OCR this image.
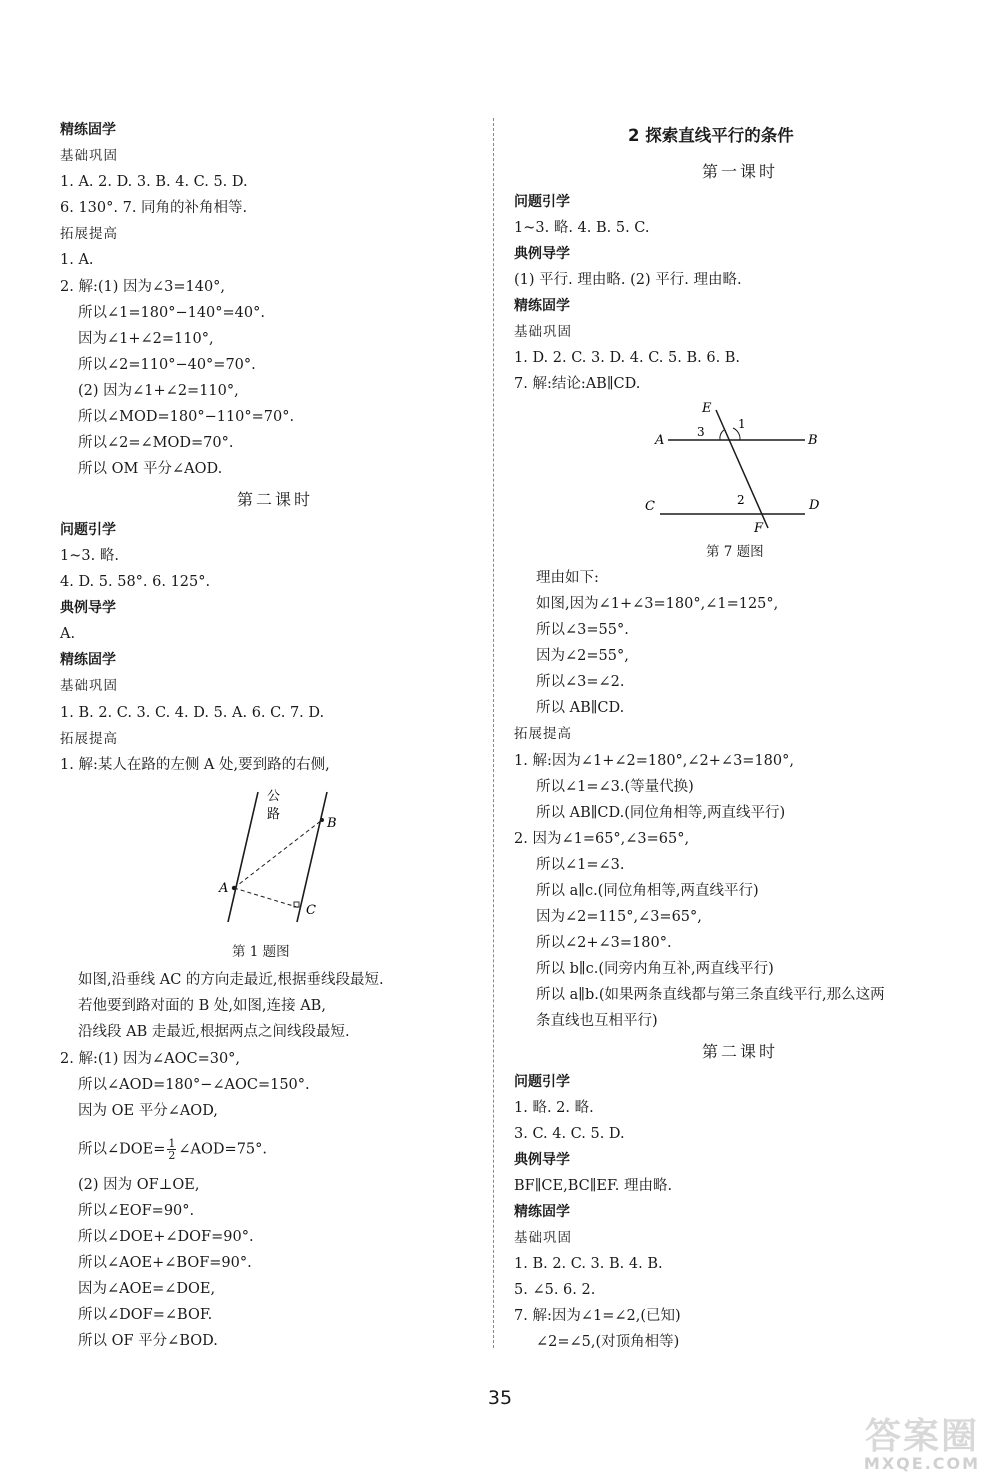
精练固学
基础巩固
1. A. 2. D. 3. B. 4. C. 5. D.
6. 130°. 7. 同角的补角相等.
拓展提高
1. A.
2. 解:(1) 因为∠3=140°,
所以∠1=180°−140°=40°.
因为∠1+∠2=110°,
所以∠2=110°−40°=70°.
(2) 因为∠1+∠2=110°,
所以∠MOD=180°−110°=70°.
所以∠2=∠MOD=70°.
所以 OM 平分∠AOD.
第二课时
问题引学
1~3. 略.
4. D. 5. 58°. 6. 125°.
典例导学
A.
精练固学
基础巩固
1. B. 2. C. 3. C. 4. D. 5. A. 6. C. 7. D.
拓展提高
1. 解:某人在路的左侧 A 处,要到路的右侧,
公
路
A
B
C
第 1 题图
如图,沿垂线 AC 的方向走最近,根据垂线段最短.
若他要到路对面的 B 处,如图,连接 AB,
沿线段 AB 走最近,根据两点之间线段最短.
2. 解:(1) 因为∠AOC=30°,
所以∠AOD=180°−∠AOC=150°.
因为 OE 平分∠AOD,
所以∠DOE= $\frac{1}{2}$ ∠AOD=75°.
(2) 因为 OF⊥OE,
所以∠EOF=90°.
所以∠DOE+∠DOF=90°.
所以∠AOE+∠BOF=90°.
因为∠AOE=∠DOE,
所以∠DOF=∠BOF.
所以 OF 平分∠BOD.
2 探索直线平行的条件
第一课时
问题引学
1~3. 略. 4. B. 5. C.
典例导学
(1) 平行. 理由略. (2) 平行. 理由略.
精练固学
基础巩固
1. D. 2. C. 3. D. 4. C. 5. B. 6. B.
7. 解:结论:AB∥CD.
E
A	B
C	D
F
1
2
3
第 7 题图
理由如下:
如图,因为∠1+∠3=180°,∠1=125°,
所以∠3=55°.
因为∠2=55°,
所以∠3=∠2.
所以 AB∥CD.
拓展提高
1. 解:因为∠1+∠2=180°,∠2+∠3=180°,
所以∠1=∠3.(等量代换)
所以 AB∥CD.(同位角相等,两直线平行)
2. 因为∠1=65°,∠3=65°,
所以∠1=∠3.
所以 a∥c.(同位角相等,两直线平行)
因为∠2=115°,∠3=65°,
所以∠2+∠3=180°.
所以 b∥c.(同旁内角互补,两直线平行)
所以 a∥b.(如果两条直线都与第三条直线平行,那么这两
条直线也互相平行)
第二课时
问题引学
1. 略. 2. 略.
3. C. 4. C. 5. D.
典例导学
BF∥CE,BC∥EF. 理由略.
精练固学
基础巩固
1. B. 2. C. 3. B. 4. B.
5. ∠5. 6. 2.
7. 解:因为∠1=∠2,(已知)
∠2=∠5,(对顶角相等)
35
答案圈
MXQE.COM
